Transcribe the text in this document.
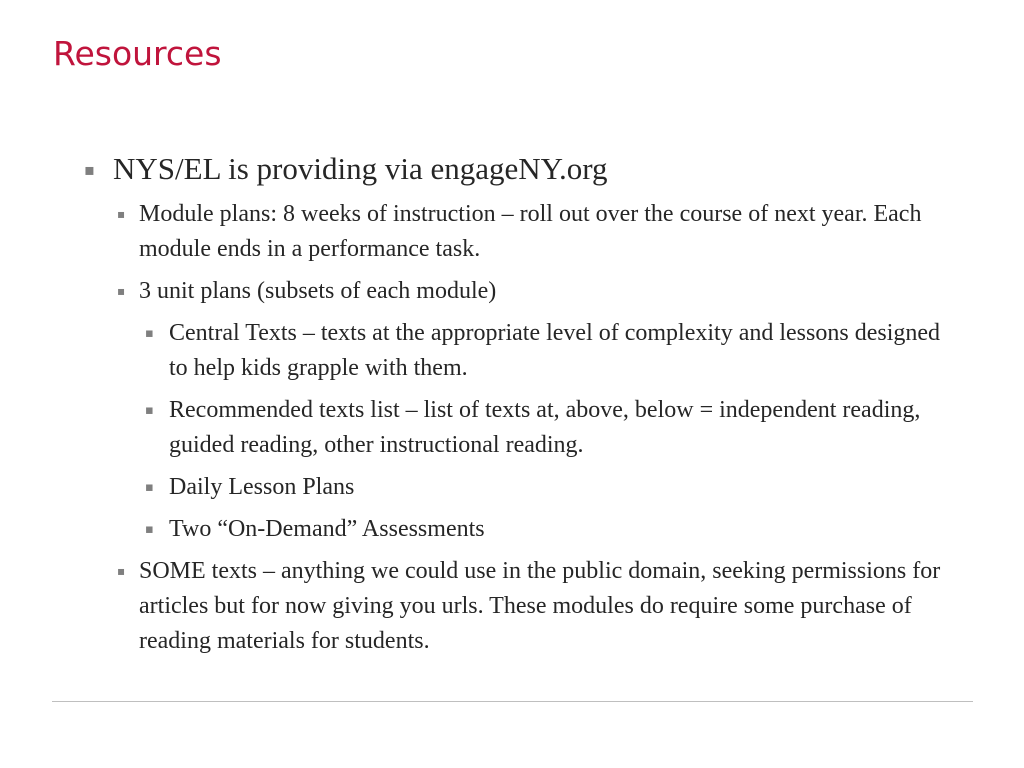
Resources
▪ NYS/EL is providing via engageNY.org
▪ Module plans: 8 weeks of instruction – roll out over the course of next year. Each module ends in a performance task.
▪ 3 unit plans (subsets of each module)
▪ Central Texts – texts at the appropriate level of complexity and lessons designed to help kids grapple with them.
▪ Recommended texts list – list of texts at, above, below = independent reading, guided reading, other instructional reading.
▪ Daily Lesson Plans
▪ Two “On-Demand” Assessments
▪ SOME texts – anything we could use in the public domain, seeking permissions for articles but for now giving you urls. These modules do require some purchase of reading materials for students.
